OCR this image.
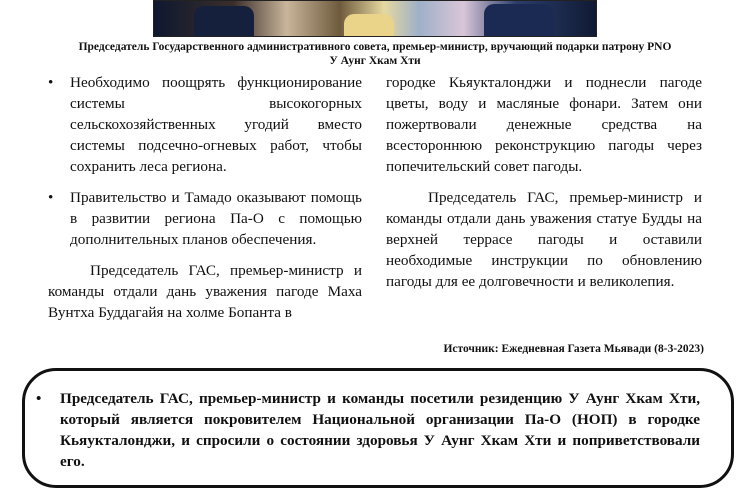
Председатель Государственного административного совета, премьер-министр, вручающий подарки патрону PNO
У Аунг Хкам Хти
• Необходимо поощрять функционирование системы высокогорных сельскохозяйственных угодий вместо системы подсечно-огневых работ, чтобы сохранить леса региона.
• Правительство и Тамадо оказывают помощь в развитии региона Па-О с помощью дополнительных планов обеспечения.

Председатель ГАС, премьер-министр и команды отдали дань уважения пагоде Маха Вунтха Буддагайя на холме Бопанта в

городке Кьяукталонджи и поднесли пагоде цветы, воду и масляные фонари. Затем они пожертвовали денежные средства на всестороннюю реконструкцию пагоды через попечительский совет пагоды.

Председатель ГАС, премьер-министр и команды отдали дань уважения статуе Будды на верхней террасе пагоды и оставили необходимые инструкции по обновлению пагоды для ее долговечности и великолепия.

Источник: Ежедневная Газета Мьявади (8-3-2023)
• Председатель ГАС, премьер-министр и команды посетили резиденцию У Аунг Хкам Хти, который является покровителем Национальной организации Па-О (НОП) в городке Кьяукталонджи, и спросили о состоянии здоровья У Аунг Хкам Хти и поприветствовали его.
